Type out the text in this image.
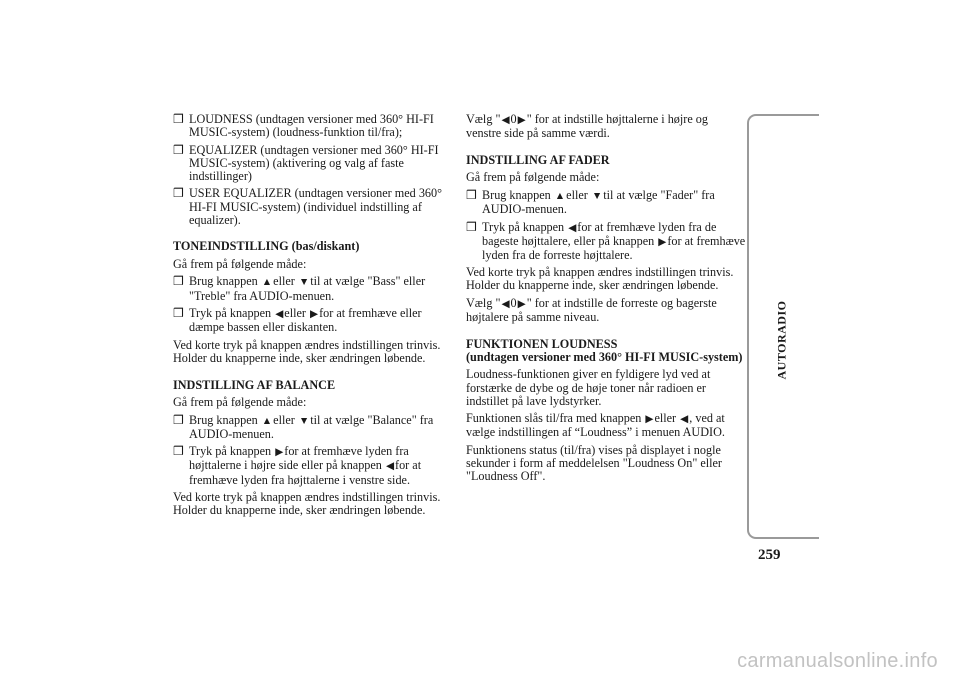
❒ LOUDNESS (undtagen versioner med 360° HI-FI MUSIC-system) (loudness-funktion til/fra);
❒ EQUALIZER (undtagen versioner med 360° HI-FI MUSIC-system) (aktivering og valg af faste indstillinger)
❒ USER EQUALIZER (undtagen versioner med 360° HI-FI MUSIC-system) (individuel indstilling af equalizer).

TONEINDSTILLING (bas/diskant)

Gå frem på følgende måde:

❒ Brug knappen ▲eller ▼til at vælge "Bass" eller "Treble" fra AUDIO-menuen.
❒ Tryk på knappen ◀eller ▶for at fremhæve eller dæmpe bassen eller diskanten.

Ved korte tryk på knappen ændres indstillingen trinvis. Holder du knapperne inde, sker ændringen løbende.

INDSTILLING AF BALANCE

Gå frem på følgende måde:

❒ Brug knappen ▲eller ▼til at vælge "Balance" fra AUDIO-menuen.
❒ Tryk på knappen ▶for at fremhæve lyden fra højttalerne i højre side eller på knappen ◀for at fremhæve lyden fra højttalerne i venstre side.

Ved korte tryk på knappen ændres indstillingen trinvis. Holder du knapperne inde, sker ændringen løbende.

Vælg "◀0▶" for at indstille højttalerne i højre og venstre side på samme værdi.

INDSTILLING AF FADER

Gå frem på følgende måde:

❒ Brug knappen ▲eller ▼til at vælge "Fader" fra AUDIO-menuen.
❒ Tryk på knappen ◀for at fremhæve lyden fra de bageste højttalere, eller på knappen ▶for at fremhæve lyden fra de forreste højttalere.

Ved korte tryk på knappen ændres indstillingen trinvis. Holder du knapperne inde, sker ændringen løbende.

Vælg "◀0▶" for at indstille de forreste og bagerste højtalere på samme niveau.

FUNKTIONEN LOUDNESS
(undtagen versioner med 360° HI-FI MUSIC-system)

Loudness-funktionen giver en fyldigere lyd ved at forstærke de dybe og de høje toner når radioen er indstillet på lave lydstyrker.

Funktionen slås til/fra med knappen ▶eller ◀, ved at vælge indstillingen af “Loudness” i menuen AUDIO.

Funktionens status (til/fra) vises på displayet i nogle sekunder i form af meddelelsen "Loudness On" eller "Loudness Off".

AUTORADIO
259
carmanualsonline.info
